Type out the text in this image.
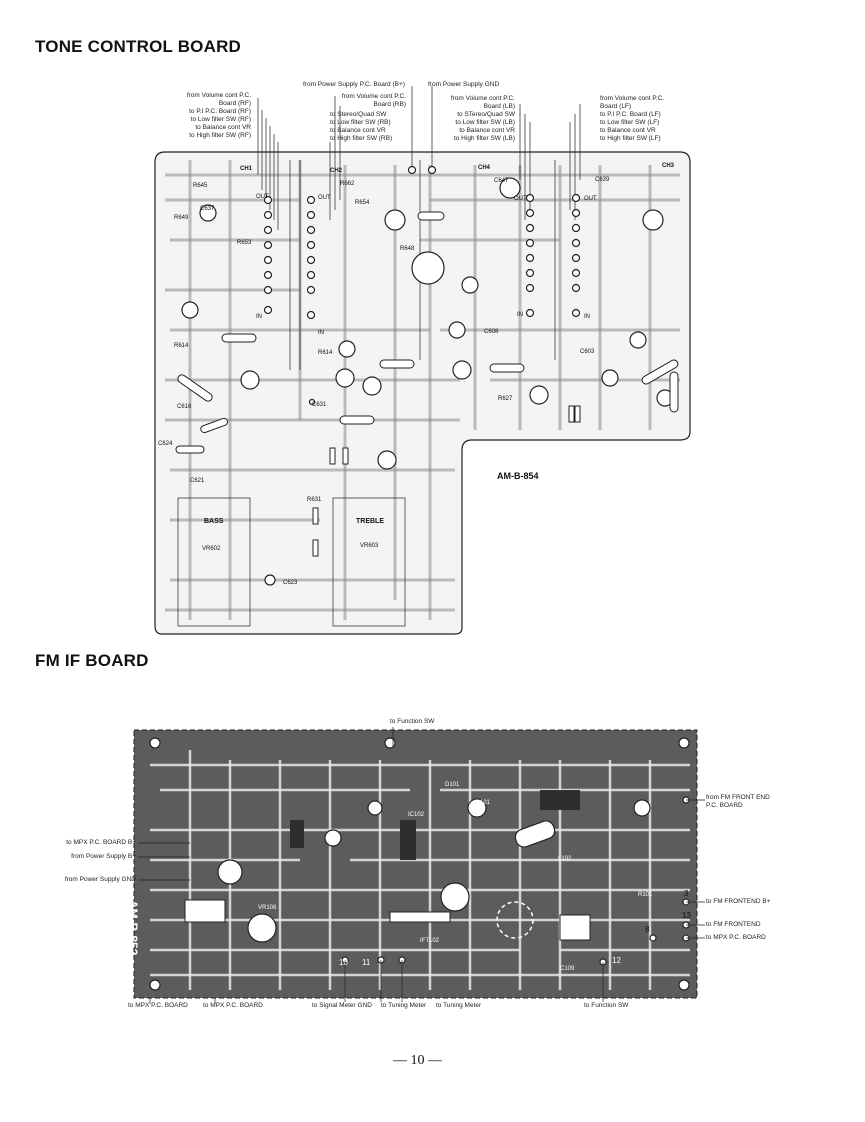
TONE CONTROL BOARD
FM IF BOARD
from Volume cont P.C.
Board (RF)
to P.I P.C. Board (RF)
to Low filter SW (RF)
to Balance cont VR
to High filter SW (RF)
from Power Supply P.C. Board (B+)
from Volume cont P.C.
Board (RB)
to Stereo/Quad SW
to Low filter SW (RB)
to Balance cont VR
to High filter SW (RB)
from Power Supply GND
from Volume cont P.C.
Board (LB)
to STereo/Quad SW
to Low filter SW (LB)
to Balance cont VR
to High filter SW (LB)
from Volume cont P.C.
Board (LF)
to P.I P.C. Board (LF)
to Low filter SW (LF)
to Balance cont VR
to High filter SW (LF)
CH1	CH2	CH4	CH3
OUT
IN
OUT
IN
OUT
IN
OUT
IN
R645
R649
C637
R653
R614
C616
C624
C621
R662
R654
R648
R614
C631
R631
C623
C647
C608
R627
C639
C603
BASS
VR602
TREBLE
VR603
AM-B-854
to Function SW
to MPX P.C. BOARD B+
from Power Supply B+
from Power Supply GND
from FM FRONT END
P.C. BOARD
to FM FRONTEND B+
to FM FRONTEND
to MPX P.C. BOARD
3
13
8
to MPX P.C. BOARD to MPX P.C. BOARD	to Signal Meter GND to Tuning Meter to Tuning Meter	to Function SW
10 11	12
D101
IC101
L102
IC102
VR108
IFT102
C109
R101
AM-B-852
— 10 —
